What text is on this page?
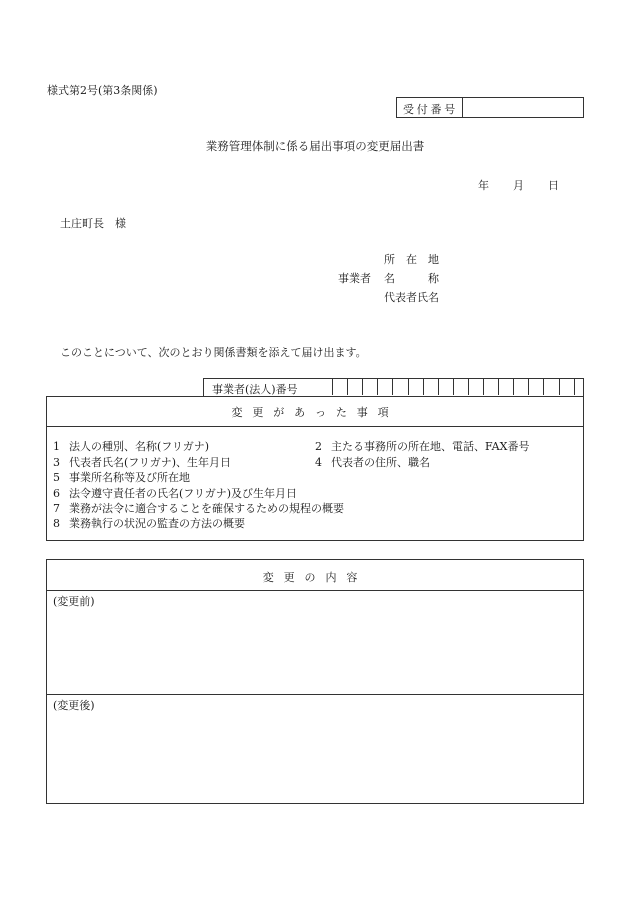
様式第2号(第3条関係)
受付番号
業務管理体制に係る届出事項の変更届出書
年 月 日
土庄町長　様
所　在　地
事業者 名　　　称
代表者氏名
このことについて、次のとおり関係書類を添えて届け出ます。
事業者(法人)番号
変更があった事項
1 法人の種別、名称(フリガナ)	2 主たる事務所の所在地、電話、FAX番号
3 代表者氏名(フリガナ)、生年月日	4 代表者の住所、職名
5 事業所名称等及び所在地
6 法令遵守責任者の氏名(フリガナ)及び生年月日
7 業務が法令に適合することを確保するための規程の概要
8 業務執行の状況の監査の方法の概要
変更の内容
(変更前)
(変更後)
